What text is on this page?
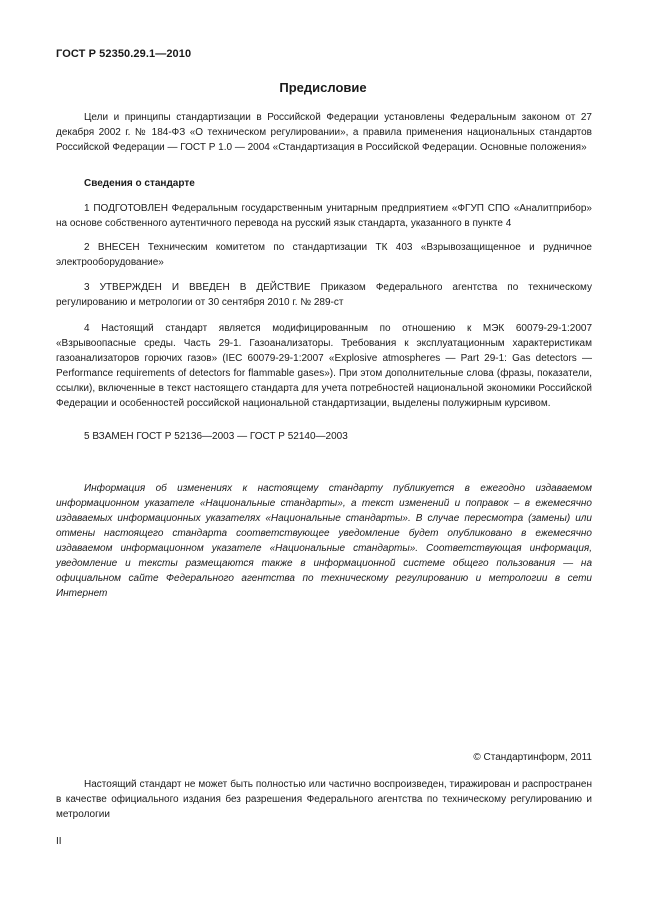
ГОСТ Р 52350.29.1—2010
Предисловие

Цели и принципы стандартизации в Российской Федерации установлены Федеральным законом от 27 декабря 2002 г. № 184-ФЗ «О техническом регулировании», а правила применения национальных стандартов Российской Федерации — ГОСТ Р 1.0 — 2004 «Стандартизация в Российской Федерации. Основные положения»

Сведения о стандарте

1 ПОДГОТОВЛЕН Федеральным государственным унитарным предприятием «ФГУП СПО «Аналитприбор» на основе собственного аутентичного перевода на русский язык стандарта, указанного в пункте 4

2 ВНЕСЕН Техническим комитетом по стандартизации ТК 403 «Взрывозащищенное и рудничное электрооборудование»

3 УТВЕРЖДЕН И ВВЕДЕН В ДЕЙСТВИЕ Приказом Федерального агентства по техническому регулированию и метрологии от 30 сентября 2010 г. № 289-ст

4 Настоящий стандарт является модифицированным по отношению к МЭК 60079-29-1:2007 «Взрывоопасные среды. Часть 29-1. Газоанализаторы. Требования к эксплуатационным характеристикам газоанализаторов горючих газов» (IEC 60079-29-1:2007 «Explosive atmospheres — Part 29-1: Gas detectors — Performance requirements of detectors for flammable gases»). При этом дополнительные слова (фразы, показатели, ссылки), включенные в текст настоящего стандарта для учета потребностей национальной экономики Российской Федерации и особенностей российской национальной стандартизации, выделены полужирным курсивом.

5 ВЗАМЕН ГОСТ Р 52136—2003 — ГОСТ Р 52140—2003

Информация об изменениях к настоящему стандарту публикуется в ежегодно издаваемом информационном указателе «Национальные стандарты», а текст изменений и поправок – в ежемесячно издаваемых информационных указателях «Национальные стандарты». В случае пересмотра (замены) или отмены настоящего стандарта соответствующее уведомление будет опубликовано в ежемесячно издаваемом информационном указателе «Национальные стандарты». Соответствующая информация, уведомление и тексты размещаются также в информационной системе общего пользования — на официальном сайте Федерального агентства по техническому регулированию и метрологии в сети Интернет

© Стандартинформ, 2011

Настоящий стандарт не может быть полностью или частично воспроизведен, тиражирован и распространен в качестве официального издания без разрешения Федерального агентства по техническому регулированию и метрологии

II
